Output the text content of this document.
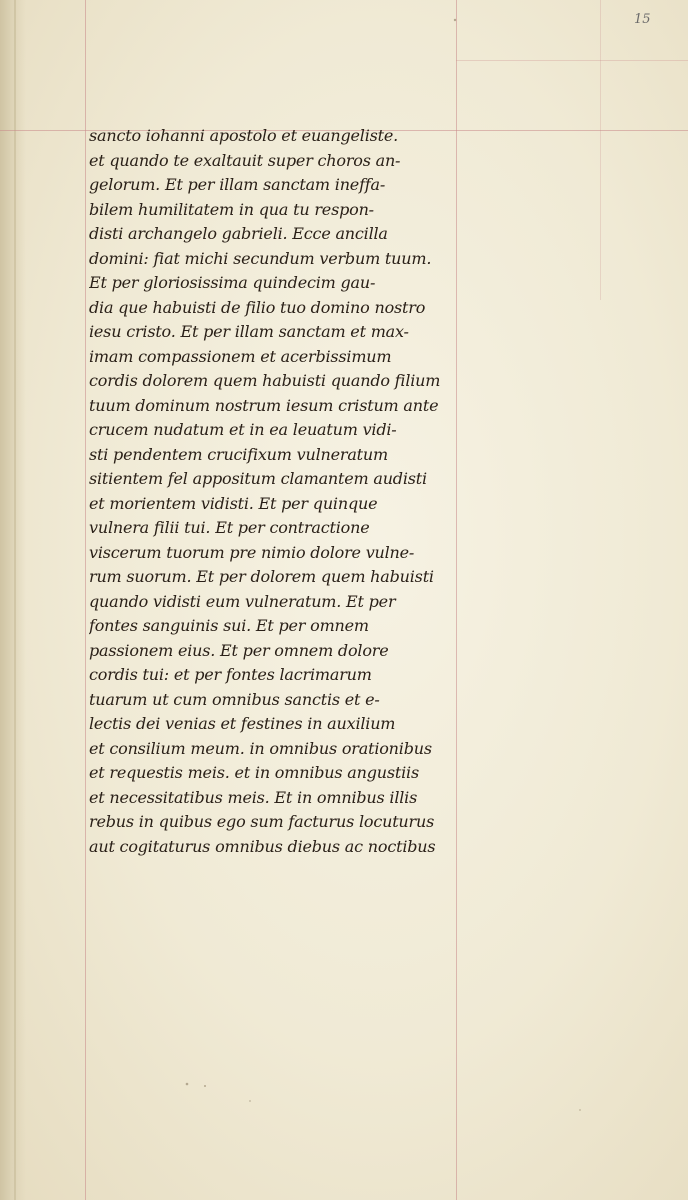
15
sancto iohanni apostolo et euangeliste.
et quando te exaltauit super choros an-
gelorum. Et per illam sanctam ineffa-
bilem humilitatem in qua tu respon-
disti archangelo gabrieli. Ecce ancilla
domini: fiat michi secundum verbum tuum.
Et per gloriosissima quindecim gau-
dia que habuisti de filio tuo domino nostro
iesu cristo. Et per illam sanctam et max-
imam compassionem et acerbissimum
cordis dolorem quem habuisti quando filium
tuum dominum nostrum iesum cristum ante
crucem nudatum et in ea leuatum vidi-
sti pendentem crucifixum vulneratum
sitientem fel appositum clamantem audisti
et morientem vidisti. Et per quinque
vulnera filii tui. Et per contractione
viscerum tuorum pre nimio dolore vulne-
rum suorum. Et per dolorem quem habuisti
quando vidisti eum vulneratum. Et per
fontes sanguinis sui. Et per omnem
passionem eius. Et per omnem dolore
cordis tui: et per fontes lacrimarum
tuarum ut cum omnibus sanctis et e-
lectis dei venias et festines in auxilium
et consilium meum. in omnibus orationibus
et requestis meis. et in omnibus angustiis
et necessitatibus meis. Et in omnibus illis
rebus in quibus ego sum facturus locuturus
aut cogitaturus omnibus diebus ac noctibus
